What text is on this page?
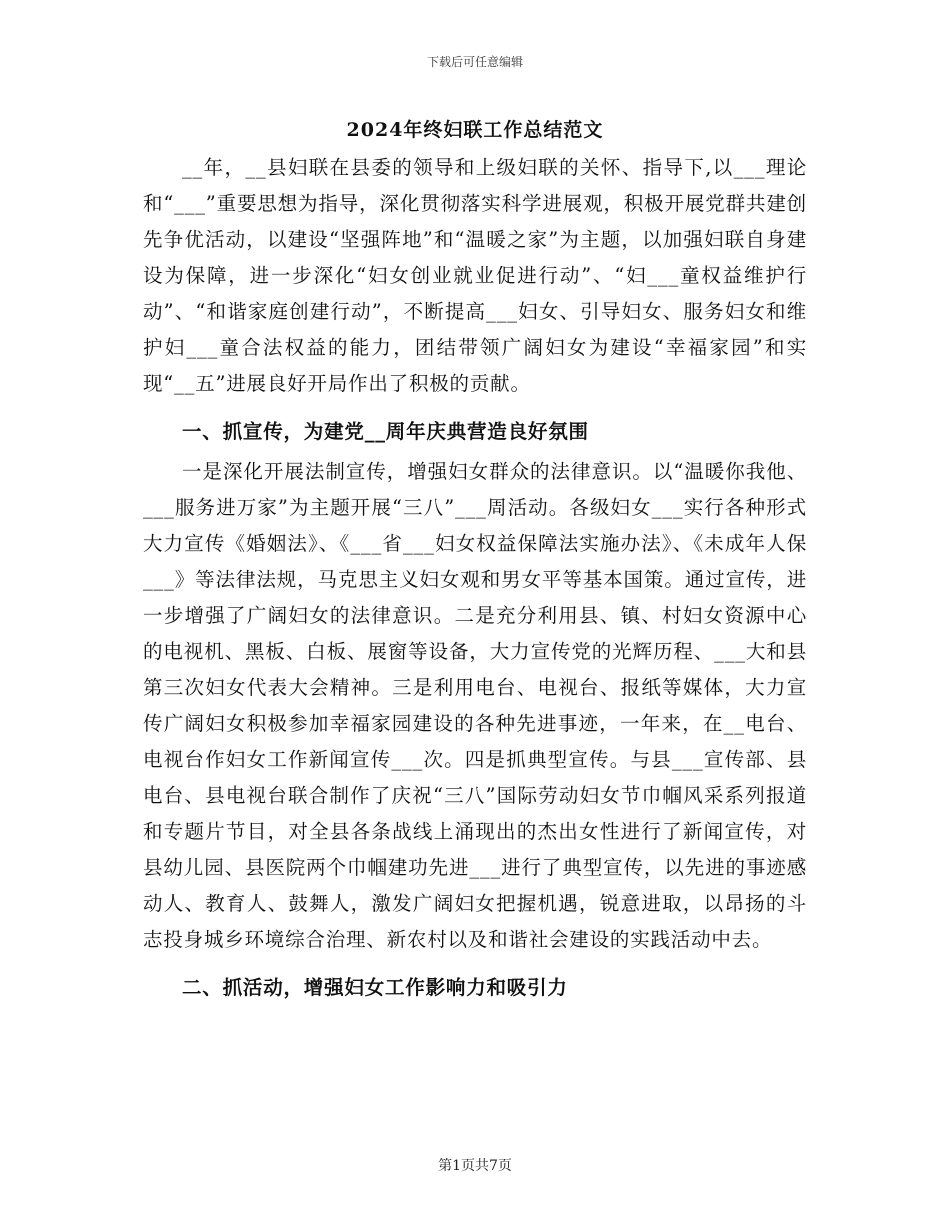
下载后可任意编辑
2024年终妇联工作总结范文

__年，__县妇联在县委的领导和上级妇联的关怀、指导下,以___理论和“___”重要思想为指导，深化贯彻落实科学进展观，积极开展党群共建创先争优活动，以建设“坚强阵地”和“温暖之家”为主题，以加强妇联自身建设为保障，进一步深化“妇女创业就业促进行动”、“妇___童权益维护行动”、“和谐家庭创建行动”，不断提高___妇女、引导妇女、服务妇女和维护妇___童合法权益的能力，团结带领广阔妇女为建设“幸福家园”和实现“__五”进展良好开局作出了积极的贡献。

一、抓宣传，为建党__周年庆典营造良好氛围

一是深化开展法制宣传，增强妇女群众的法律意识。以“温暖你我他、___服务进万家”为主题开展“三八”___周活动。各级妇女___实行各种形式大力宣传《婚姻法》、《___省___妇女权益保障法实施办法》、《未成年人保___》等法律法规，马克思主义妇女观和男女平等基本国策。通过宣传，进一步增强了广阔妇女的法律意识。二是充分利用县、镇、村妇女资源中心的电视机、黑板、白板、展窗等设备，大力宣传党的光辉历程、___大和县第三次妇女代表大会精神。三是利用电台、电视台、报纸等媒体，大力宣传广阔妇女积极参加幸福家园建设的各种先进事迹，一年来，在__电台、电视台作妇女工作新闻宣传___次。四是抓典型宣传。与县___宣传部、县电台、县电视台联合制作了庆祝“三八”国际劳动妇女节巾帼风采系列报道和专题片节目，对全县各条战线上涌现出的杰出女性进行了新闻宣传，对县幼儿园、县医院两个巾帼建功先进___进行了典型宣传，以先进的事迹感动人、教育人、鼓舞人，激发广阔妇女把握机遇，锐意进取，以昂扬的斗志投身城乡环境综合治理、新农村以及和谐社会建设的实践活动中去。

二、抓活动，增强妇女工作影响力和吸引力

第1页共7页
